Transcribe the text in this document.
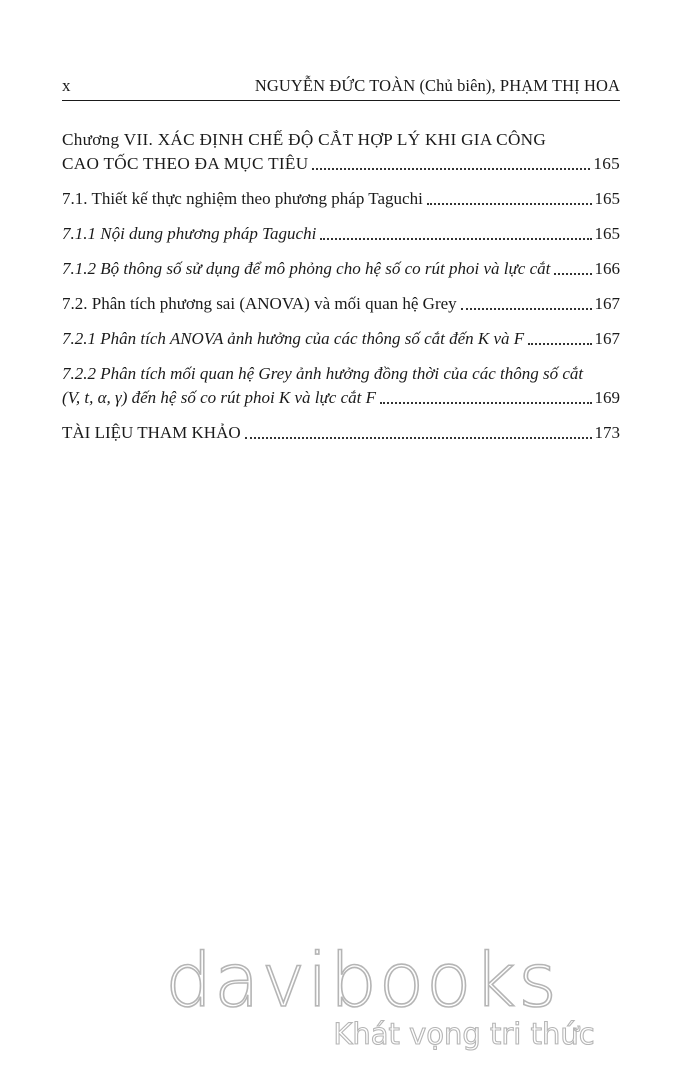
x	NGUYỄN ĐỨC TOÀN (Chủ biên), PHẠM THỊ HOA
Chương VII. XÁC ĐỊNH CHẾ ĐỘ CẮT HỢP LÝ KHI GIA CÔNG
CAO TỐC THEO ĐA MỤC TIÊU	165
7.1. Thiết kế thực nghiệm theo phương pháp Taguchi	165
7.1.1 Nội dung phương pháp Taguchi	165
7.1.2 Bộ thông số sử dụng để mô phỏng cho hệ số co rút phoi và lực cắt	166
7.2. Phân tích phương sai (ANOVA) và mối quan hệ Grey	167
7.2.1 Phân tích ANOVA ảnh hưởng của các thông số cắt đến K và F	167
7.2.2 Phân tích mối quan hệ Grey ảnh hưởng đồng thời của các thông số cắt
(V, t, α, γ) đến hệ số co rút phoi K và lực cắt F	169
TÀI LIỆU THAM KHẢO	173
davibooks
Khát vọng tri thức
